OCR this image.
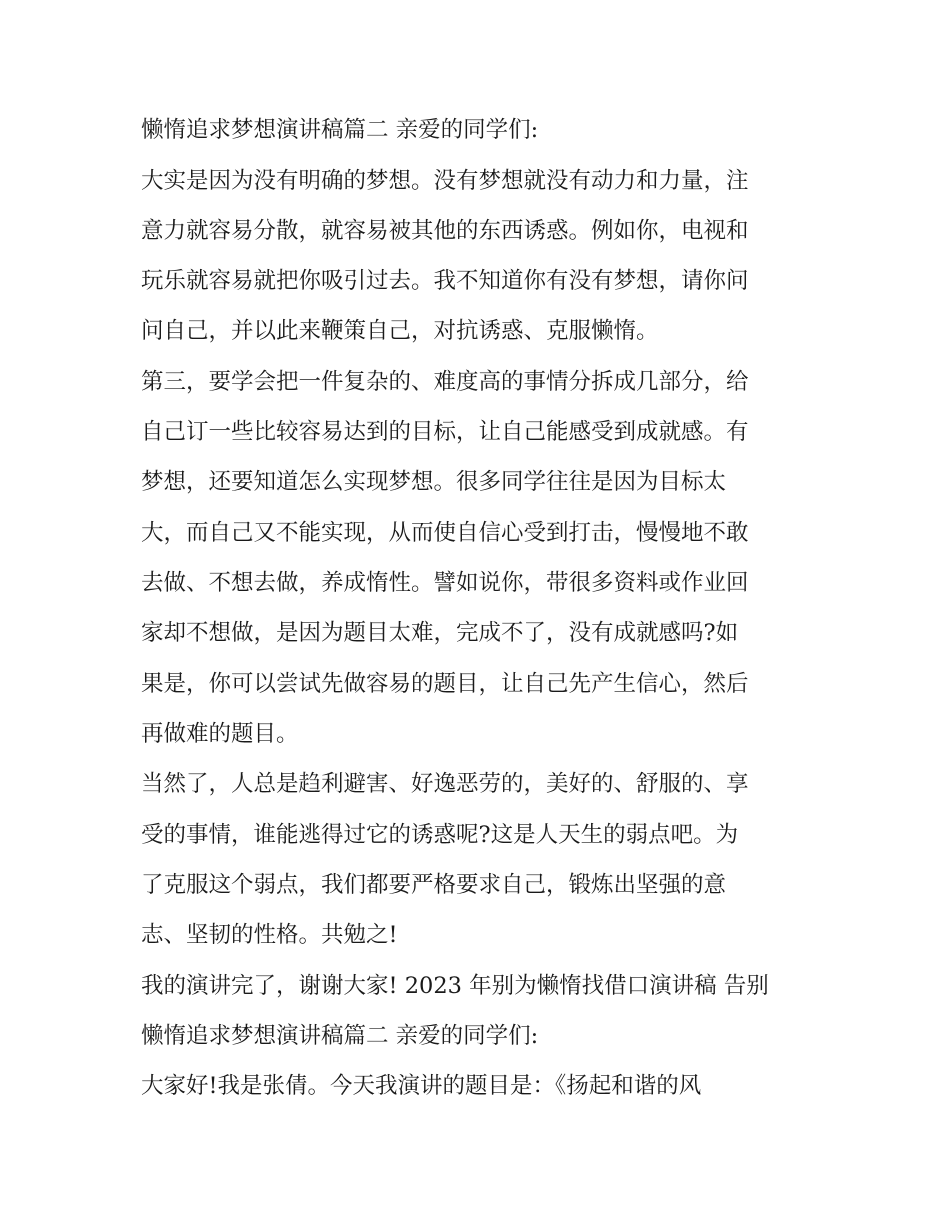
懒惰追求梦想演讲稿篇二 亲爱的同学们:
大实是因为没有明确的梦想。没有梦想就没有动力和力量，注
意力就容易分散，就容易被其他的东西诱惑。例如你，电视和
玩乐就容易就把你吸引过去。我不知道你有没有梦想，请你问
问自己，并以此来鞭策自己，对抗诱惑、克服懒惰。
第三，要学会把一件复杂的、难度高的事情分拆成几部分，给
自己订一些比较容易达到的目标，让自己能感受到成就感。有
梦想，还要知道怎么实现梦想。很多同学往往是因为目标太
大，而自己又不能实现，从而使自信心受到打击，慢慢地不敢
去做、不想去做，养成惰性。譬如说你，带很多资料或作业回
家却不想做，是因为题目太难，完成不了，没有成就感吗?如
果是，你可以尝试先做容易的题目，让自己先产生信心，然后
再做难的题目。
当然了，人总是趋利避害、好逸恶劳的，美好的、舒服的、享
受的事情，谁能逃得过它的诱惑呢?这是人天生的弱点吧。为
了克服这个弱点，我们都要严格要求自己，锻炼出坚强的意
志、坚韧的性格。共勉之!
我的演讲完了，谢谢大家! 2023 年别为懒惰找借口演讲稿 告别
懒惰追求梦想演讲稿篇二 亲爱的同学们:
大家好!我是张倩。今天我演讲的题目是：《扬起和谐的风
